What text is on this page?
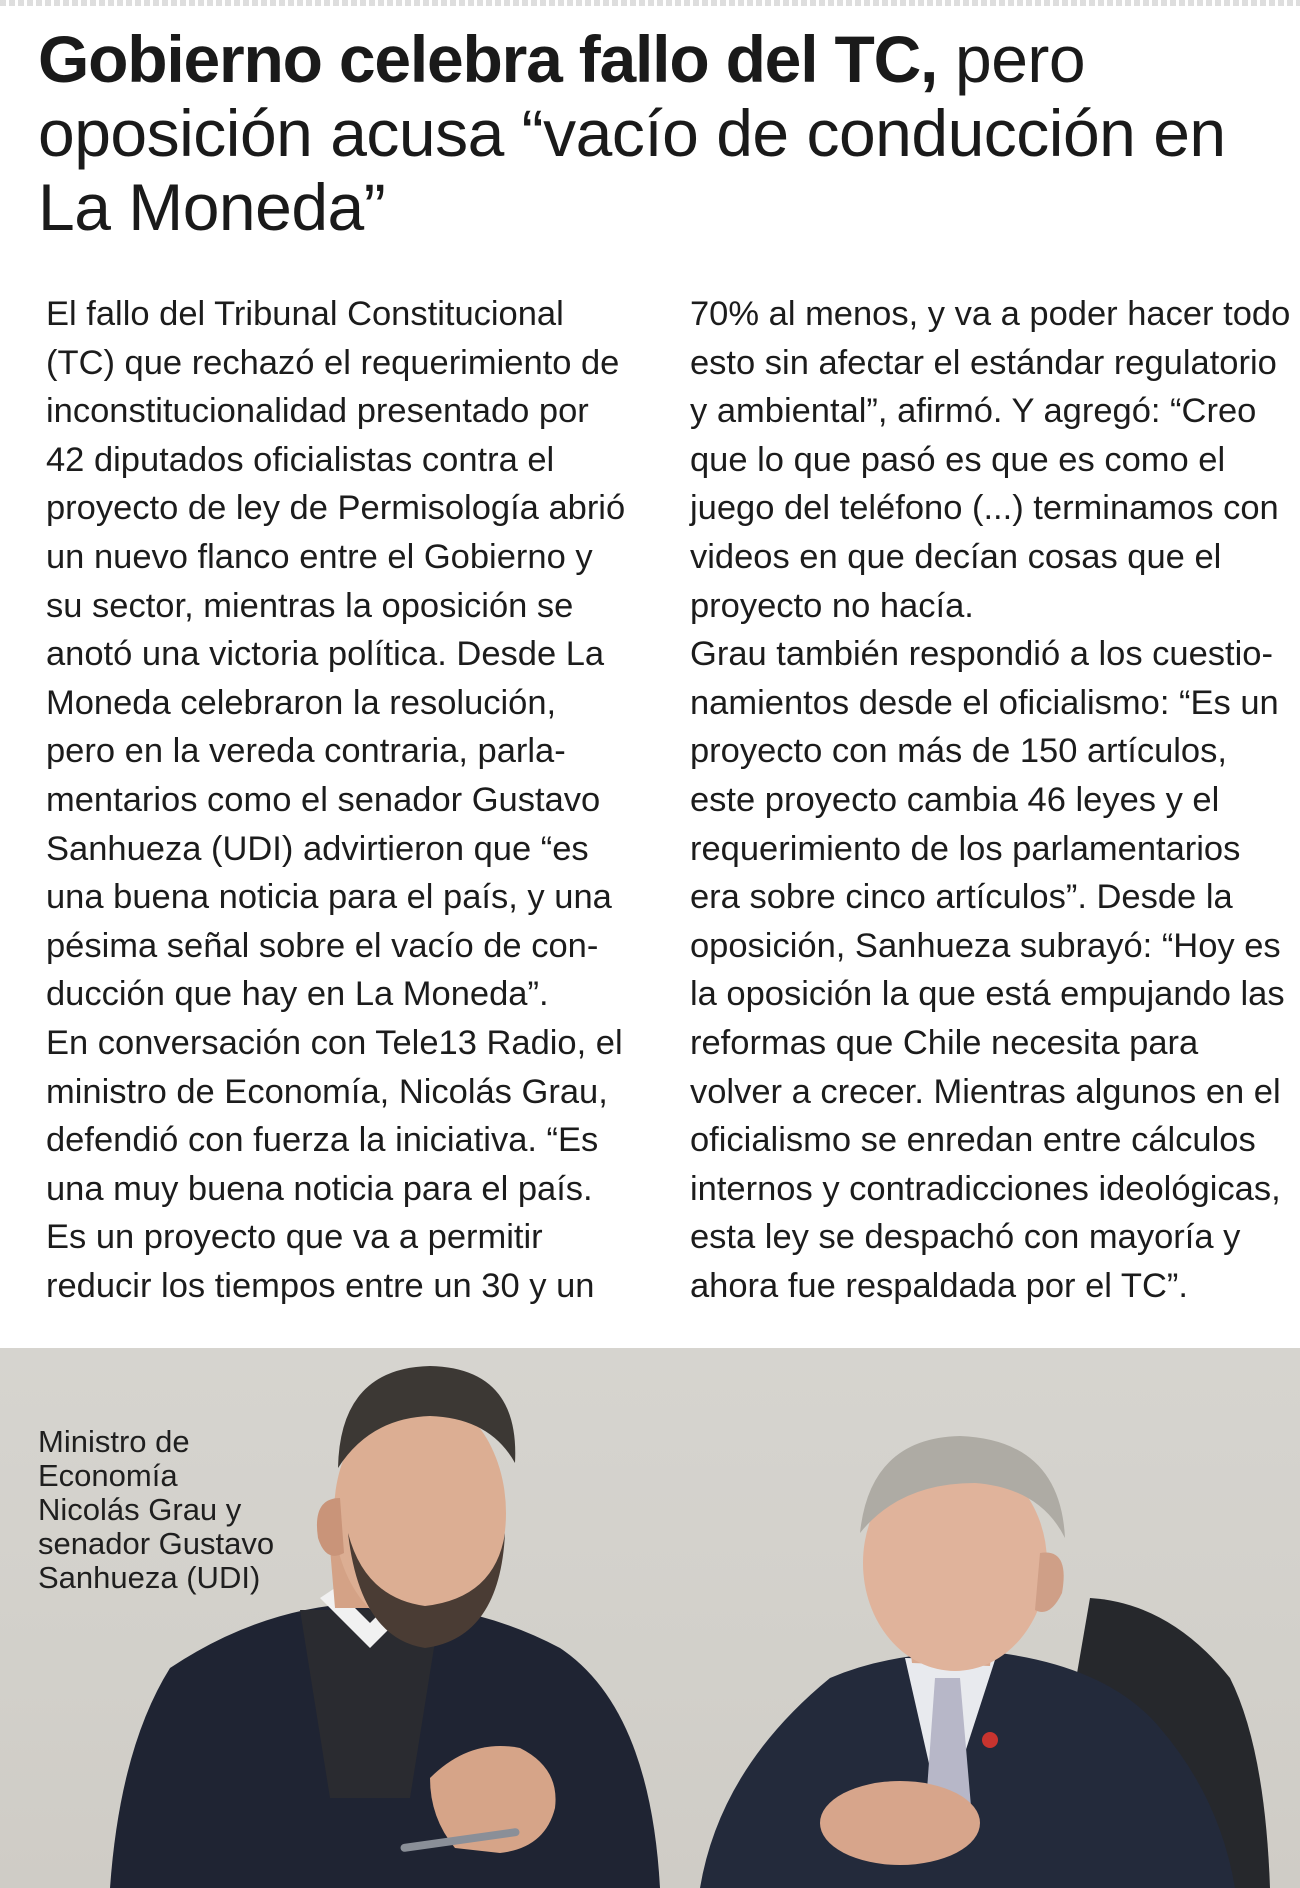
Gobierno celebra fallo del TC, pero oposición acusa “vacío de conducción en La Moneda”
El fallo del Tribunal Constitucional
(TC) que rechazó el requerimiento de
inconstitucionalidad presentado por
42 diputados oficialistas contra el
proyecto de ley de Permisología abrió
un nuevo flanco entre el Gobierno y
su sector, mientras la oposición se
anotó una victoria política. Desde La
Moneda celebraron la resolución,
pero en la vereda contraria, parla-
mentarios como el senador Gustavo
Sanhueza (UDI) advirtieron que “es
una buena noticia para el país, y una
pésima señal sobre el vacío de con-
ducción que hay en La Moneda”.
En conversación con Tele13 Radio, el
ministro de Economía, Nicolás Grau,
defendió con fuerza la iniciativa. “Es
una muy buena noticia para el país.
Es un proyecto que va a permitir
reducir los tiempos entre un 30 y un
70% al menos, y va a poder hacer todo
esto sin afectar el estándar regulatorio
y ambiental”, afirmó. Y agregó: “Creo
que lo que pasó es que es como el
juego del teléfono (...) terminamos con
videos en que decían cosas que el
proyecto no hacía.
Grau también respondió a los cuestio-
namientos desde el oficialismo: “Es un
proyecto con más de 150 artículos,
este proyecto cambia 46 leyes y el
requerimiento de los parlamentarios
era sobre cinco artículos”. Desde la
oposición, Sanhueza subrayó: “Hoy es
la oposición la que está empujando las
reformas que Chile necesita para
volver a crecer. Mientras algunos en el
oficialismo se enredan entre cálculos
internos y contradicciones ideológicas,
esta ley se despachó con mayoría y
ahora fue respaldada por el TC”.
Ministro de
Economía
Nicolás Grau y
senador Gustavo
Sanhueza (UDI)
